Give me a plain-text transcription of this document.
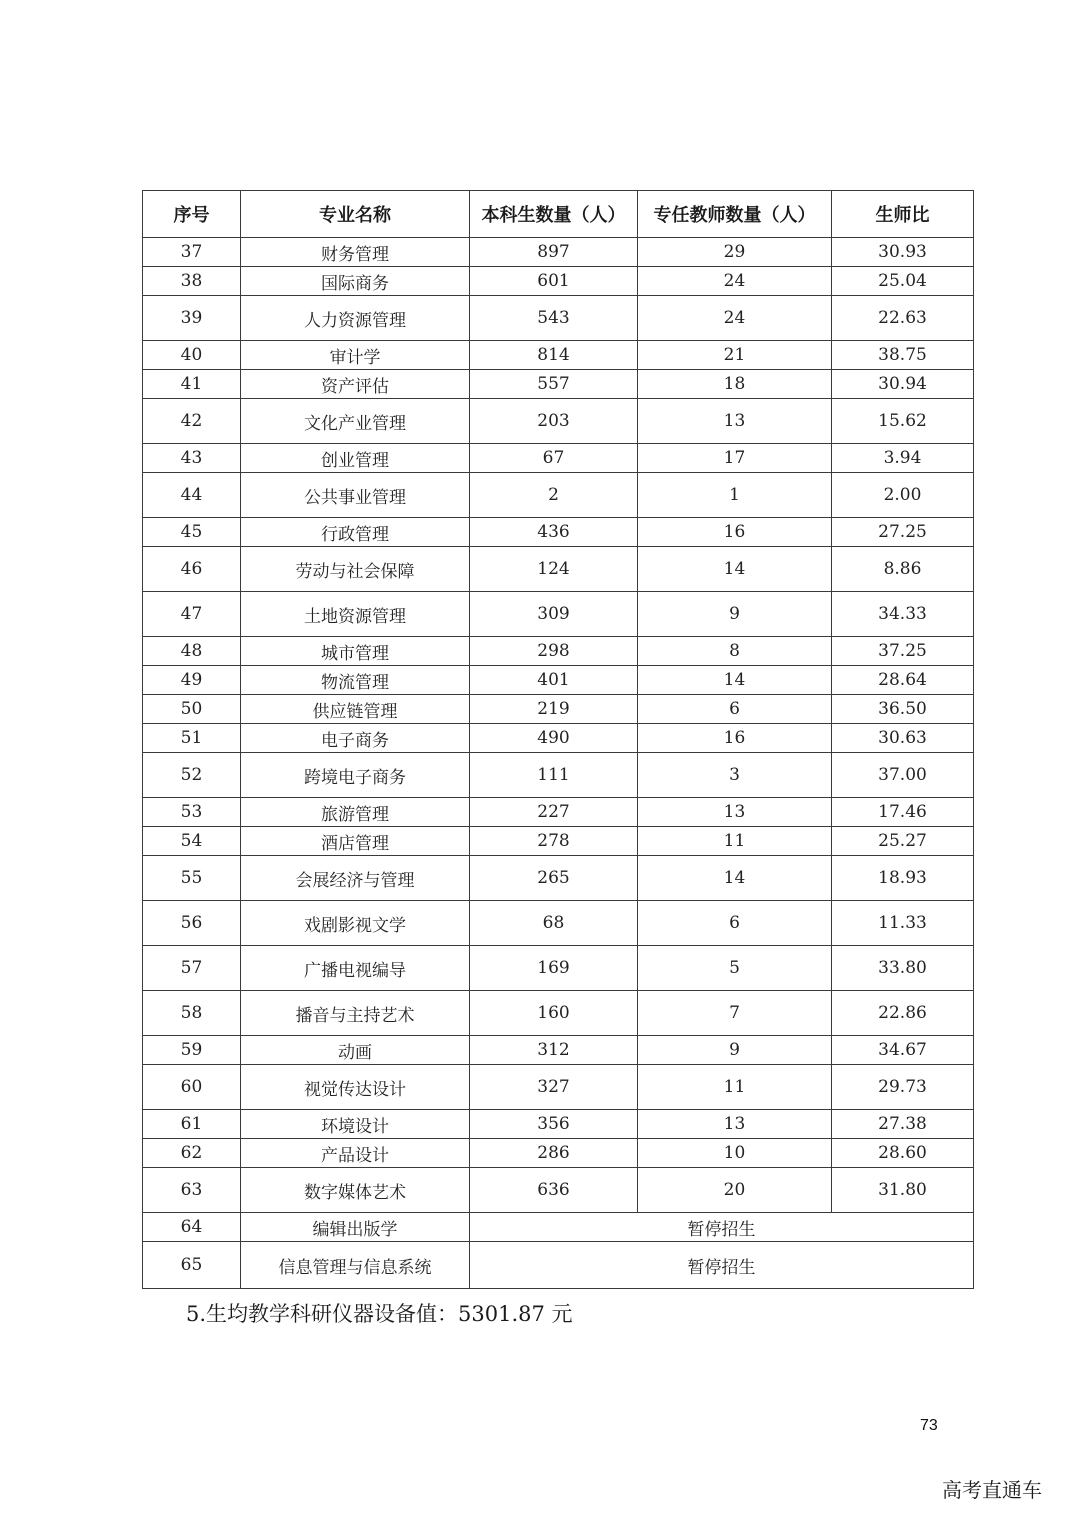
序号	专业名称	本科生数量（人）	专任教师数量（人）	生师比
37	财务管理	897	29	30.93
38	国际商务	601	24	25.04
39	人力资源管理	543	24	22.63
40	审计学	814	21	38.75
41	资产评估	557	18	30.94
42	文化产业管理	203	13	15.62
43	创业管理	67	17	3.94
44	公共事业管理	2	1	2.00
45	行政管理	436	16	27.25
46	劳动与社会保障	124	14	8.86
47	土地资源管理	309	9	34.33
48	城市管理	298	8	37.25
49	物流管理	401	14	28.64
50	供应链管理	219	6	36.50
51	电子商务	490	16	30.63
52	跨境电子商务	111	3	37.00
53	旅游管理	227	13	17.46
54	酒店管理	278	11	25.27
55	会展经济与管理	265	14	18.93
56	戏剧影视文学	68	6	11.33
57	广播电视编导	169	5	33.80
58	播音与主持艺术	160	7	22.86
59	动画	312	9	34.67
60	视觉传达设计	327	11	29.73
61	环境设计	356	13	27.38
62	产品设计	286	10	28.60
63	数字媒体艺术	636	20	31.80
64	编辑出版学	暂停招生		
65	信息管理与信息系统	暂停招生		
5.生均教学科研仪器设备值：5301.87 元
73
高考直通车
